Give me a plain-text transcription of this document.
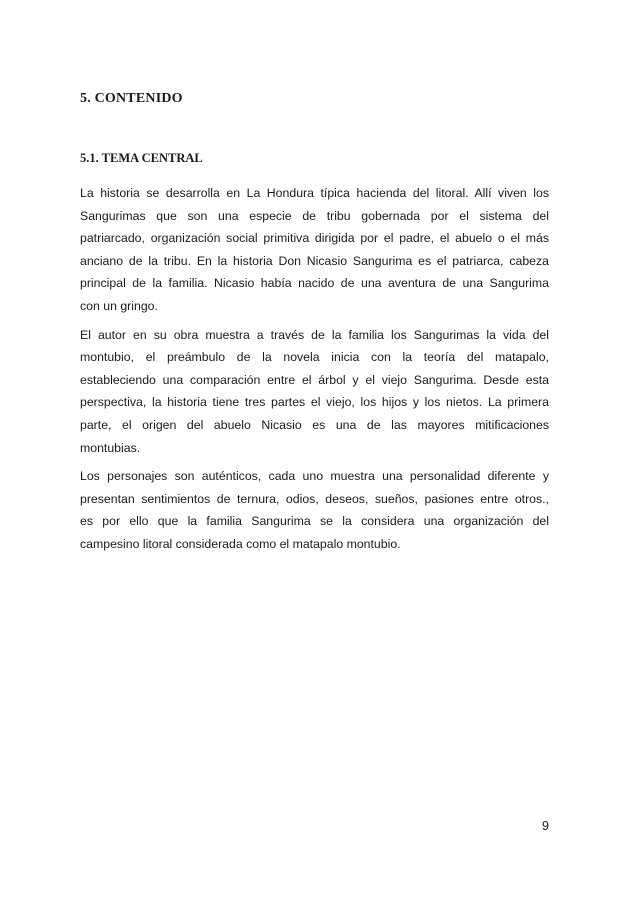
5. CONTENIDO
5.1. TEMA CENTRAL

La historia se desarrolla en La Hondura típica hacienda del litoral. Allí viven los
Sangurimas que son una especie de tribu gobernada por el sistema del
patriarcado, organización social primitiva dirigida por el padre, el abuelo o el más
anciano de la tribu. En la historia Don Nicasio Sangurima es el patriarca, cabeza
principal de la familia. Nicasio había nacido de una aventura de una Sangurima
con un gringo.

El autor en su obra muestra a través de la familia los Sangurimas la vida del
montubio, el preámbulo de la novela inicia con la teoría del matapalo,
estableciendo una comparación entre el árbol y el viejo Sangurima. Desde esta
perspectiva, la historia tiene tres partes el viejo, los hijos y los nietos. La primera
parte, el origen del abuelo Nicasio es una de las mayores mitificaciones
montubias.

Los personajes son auténticos, cada uno muestra una personalidad diferente y
presentan sentimientos de ternura, odios, deseos, sueños, pasiones entre otros.,
es por ello que la familia Sangurima se la considera una organización del
campesino litoral considerada como el matapalo montubio.

9
